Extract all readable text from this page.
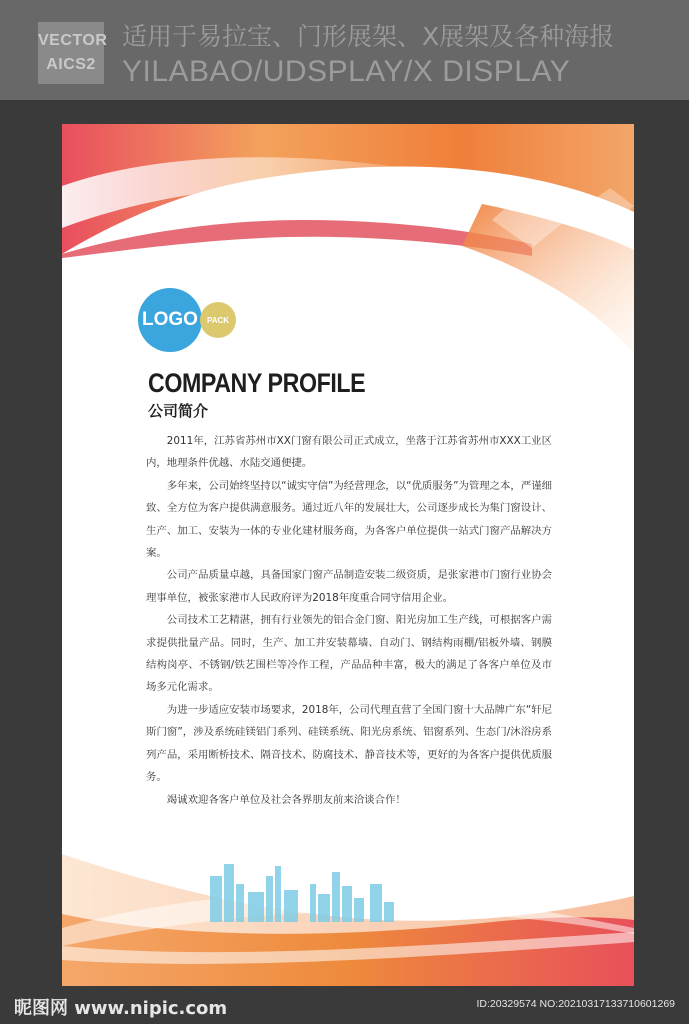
VECTOR
AICS2
适用于易拉宝、门形展架、X展架及各种海报
YILABAO/UDSPLAY/X DISPLAY
LOGO PACK
COMPANY PROFILE
公司简介

2011年，江苏省苏州市XX门窗有限公司正式成立，坐落于江苏省苏州市XXX工业区内，地理条件优越、水陆交通便捷。

多年来，公司始终坚持以“诚实守信”为经营理念，以“优质服务”为管理之本，严谨细致、全方位为客户提供满意服务。通过近八年的发展壮大，公司逐步成长为集门窗设计、生产、加工、安装为一体的专业化建材服务商，为各客户单位提供一站式门窗产品解决方案。

公司产品质量卓越，具备国家门窗产品制造安装二级资质，是张家港市门窗行业协会理事单位，被张家港市人民政府评为2018年度重合同守信用企业。

公司技术工艺精湛，拥有行业领先的铝合金门窗、阳光房加工生产线，可根据客户需求提供批量产品。同时，生产、加工并安装幕墙、自动门、钢结构雨棚/铝板外墙、钢膜结构岗亭、不锈钢/铁艺围栏等冷作工程，产品品种丰富，极大的满足了各客户单位及市场多元化需求。

为进一步适应安装市场要求，2018年，公司代理直营了全国门窗十大品牌广东“轩尼斯门窗”，涉及系统硅镁铝门系列、硅镁系统、阳光房系统、铝窗系列、生态门/沐浴房系列产品，采用断桥技术、隔音技术、防腐技术、静音技术等，更好的为各客户提供优质服务。

竭诚欢迎各客户单位及社会各界朋友前来洽谈合作！

昵图网 www.nipic.com	ID:20329574 NO:20210317133710601269
